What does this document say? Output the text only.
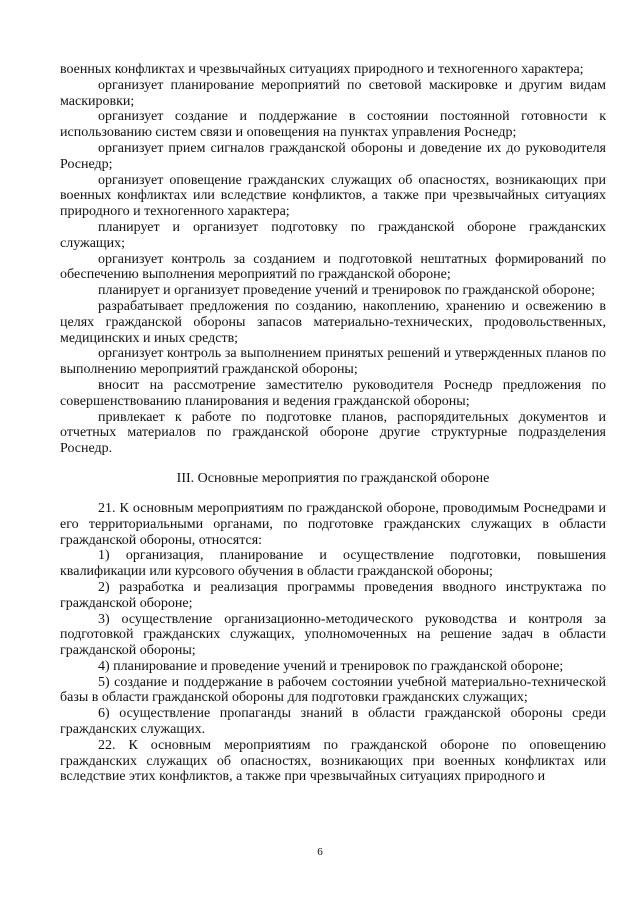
военных конфликтах и чрезвычайных ситуациях природного и техногенного характера;

организует планирование мероприятий по световой маскировке и другим видам маскировки;

организует создание и поддержание в состоянии постоянной готовности к использованию систем связи и оповещения на пунктах управления Роснедр;

организует прием сигналов гражданской обороны и доведение их до руководителя Роснедр;

организует оповещение гражданских служащих об опасностях, возникающих при военных конфликтах или вследствие конфликтов, а также при чрезвычайных ситуациях природного и техногенного характера;

планирует и организует подготовку по гражданской обороне гражданских служащих;

организует контроль за созданием и подготовкой нештатных формирований по обеспечению выполнения мероприятий по гражданской обороне;

планирует и организует проведение учений и тренировок по гражданской обороне;

разрабатывает предложения по созданию, накоплению, хранению и освежению в целях гражданской обороны запасов материально-технических, продовольственных, медицинских и иных средств;

организует контроль за выполнением принятых решений и утвержденных планов по выполнению мероприятий гражданской обороны;

вносит на рассмотрение заместителю руководителя Роснедр предложения по совершенствованию планирования и ведения гражданской обороны;

привлекает к работе по подготовке планов, распорядительных документов и отчетных материалов по гражданской обороне другие структурные подразделения Роснедр.

III. Основные мероприятия по гражданской обороне

21. К основным мероприятиям по гражданской обороне, проводимым Роснедрами и его территориальными органами, по подготовке гражданских служащих в области гражданской обороны, относятся:

1) организация, планирование и осуществление подготовки, повышения квалификации или курсового обучения в области гражданской обороны;

2) разработка и реализация программы проведения вводного инструктажа по гражданской обороне;

3) осуществление организационно-методического руководства и контроля за подготовкой гражданских служащих, уполномоченных на решение задач в области гражданской обороны;

4) планирование и проведение учений и тренировок по гражданской обороне;

5) создание и поддержание в рабочем состоянии учебной материально-технической базы в области гражданской обороны для подготовки гражданских служащих;

6) осуществление пропаганды знаний в области гражданской обороны среди гражданских служащих.

22. К основным мероприятиям по гражданской обороне по оповещению гражданских служащих об опасностях, возникающих при военных конфликтах или вследствие этих конфликтов, а также при чрезвычайных ситуациях природного и

6
